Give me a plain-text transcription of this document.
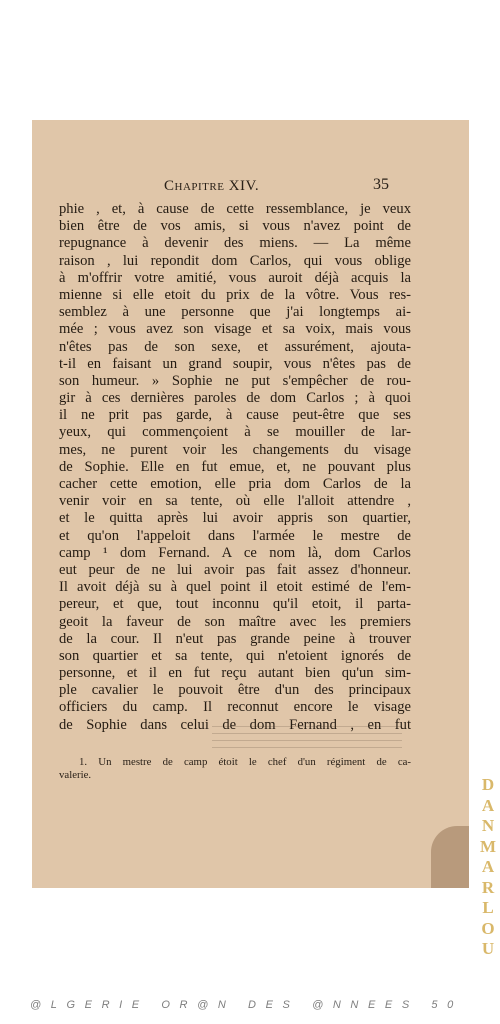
Chapitre XIV.	35
phie , et, à cause de cette ressemblance, je veux
bien être de vos amis, si vous n'avez point de
repugnance à devenir des miens. — La même
raison , lui repondit dom Carlos, qui vous oblige
à m'offrir votre amitié, vous auroit déjà acquis la
mienne si elle etoit du prix de la vôtre. Vous res-
semblez à une personne que j'ai longtemps ai-
mée ; vous avez son visage et sa voix, mais vous
n'êtes pas de son sexe, et assurément, ajouta-
t-il en faisant un grand soupir, vous n'êtes pas de
son humeur. » Sophie ne put s'empêcher de rou-
gir à ces dernières paroles de dom Carlos ; à quoi
il ne prit pas garde, à cause peut-être que ses
yeux, qui commençoient à se mouiller de lar-
mes, ne purent voir les changements du visage
de Sophie. Elle en fut emue, et, ne pouvant plus
cacher cette emotion, elle pria dom Carlos de la
venir voir en sa tente, où elle l'alloit attendre ,
et le quitta après lui avoir appris son quartier,
et qu'on l'appeloit dans l'armée le mestre de
camp ¹ dom Fernand. A ce nom là, dom Carlos
eut peur de ne lui avoir pas fait assez d'honneur.
Il avoit déjà su à quel point il etoit estimé de l'em-
pereur, et que, tout inconnu qu'il etoit, il parta-
geoit la faveur de son maître avec les premiers
de la cour. Il n'eut pas grande peine à trouver
son quartier et sa tente, qui n'etoient ignorés de
personne, et il en fut reçu autant bien qu'un sim-
ple cavalier le pouvoit être d'un des principaux
officiers du camp. Il reconnut encore le visage
de Sophie dans celui de dom Fernand , en fut
1. Un mestre de camp étoit le chef d'un régiment de ca-
valerie.	D
A
N
M
A
R
L
O
U
@LGERIE OR@N DES @NNEES 50
